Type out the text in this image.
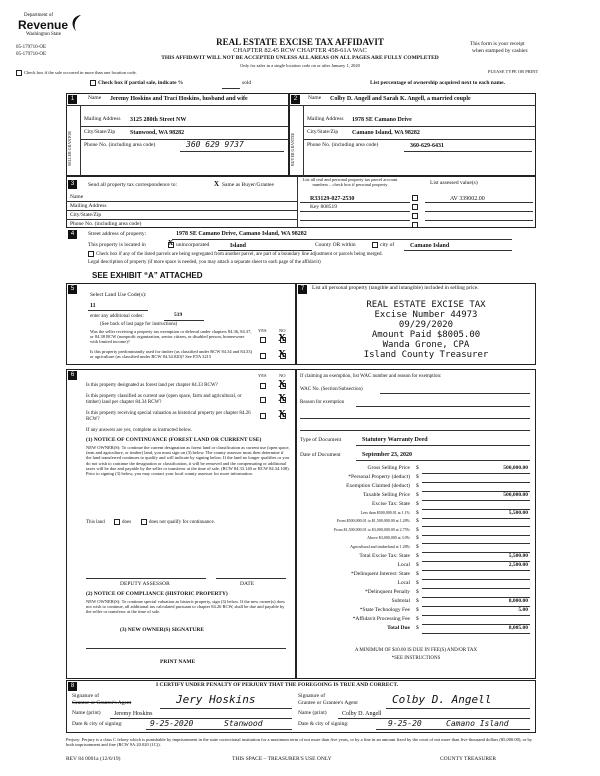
Department of
Revenue
Washington State
05-179710-OE
05-179710-OE
REAL ESTATE EXCISE TAX AFFIDAVIT
CHAPTER 82.45 RCW CHAPTER 458-61A WAC
THIS AFFIDAVIT WILL NOT BE ACCEPTED UNLESS ALL AREAS ON ALL PAGES ARE FULLY COMPLETED
Only for sales in a single location code on or after January 1, 2020
This form is your receipt
when stamped by cashier.
PLEASE TYPE OR PRINT
Check box if the sale occurred in more than one location code.
Check box if partial sale, indicate %	sold	List percentage of ownership acquired next to each name.
1	Name Jeremy Hoskins and Traci Hoskins, husband and wife
SELLER GRANTOR
Mailing Address 3125 280th Street NW
City/State/Zip Stanwood, WA 98282
Phone No. (including area code)	360 629 9737
2	Name Colby D. Angell and Sarah K. Angell, a married couple
BUYER GRANTEE
Mailing Address 1978 SE Camano Drive
City/State/Zip Camano Island, WA 98282
Phone No. (including area code)	360-629-6431
3	Send all property tax correspondence to:	X Same as Buyer/Grantee
Name
Mailing Address
City/State/Zip
Phone No. (including area code)
List all real and personal property tax parcel account numbers – check box if personal property	List assessed value(s)
R33129-027-2530
Key 808519
AV 339002.00
4	Street address of property:	1978 SE Camano Drive, Camano Island, WA 98282
This property is located in	X unincorporated	Island	County OR within	city of	Camano Island
Check box if any of the listed parcels are being segregated from another parcel, are part of a boundary line adjustment or parcels being merged.
Legal description of property (if more space is needed, you may attach a separate sheet to each page of the affidavit)
SEE EXHIBIT “A” ATTACHED
5
Select Land Use Code(s):
11
enter any additional codes:	519
(See back of last page for instructions)
YES	NO
Was the seller receiving a property tax exemption or deferral under chapters 84.36, 84.37, or 84.38 RCW (nonprofit organization, senior citizen, or disabled person, homeowner with limited income)?	X
Is this property predominantly used for timber (as classified under RCW 84.34 and 84.33) or agriculture (as classified under RCW 84.34.020)? See ETA 3215	X
6	YES	NO
Is this property designated as forest land per chapter 84.33 RCW?	X
Is this property classified as current use (open space, farm and agricultural, or timber) land per chapter 84.34 RCW?	X
Is this property receiving special valuation as historical property per chapter 84.26 RCW?	X
If any answers are yes, complete as instructed below.
(1) NOTICE OF CONTINUANCE (FOREST LAND OR CURRENT USE)
NEW OWNER(S): To continue the current designation as forest land or classification as current use (open space, farm and agriculture, or timber) land, you must sign on (3) below. The county assessor must then determine if the land transferred continues to qualify and will indicate by signing below. If the land no longer qualifies or you do not wish to continue the designation or classification, it will be removed and the compensating or additional taxes will be due and payable by the seller or transferor at the time of sale. (RCW 84.33.140 or RCW 84.34.108). Prior to signing (3) below, you may contact your local county assessor for more information.
This land	does	does not qualify for continuance.
DEPUTY ASSESSOR	DATE
(2) NOTICE OF COMPLIANCE (HISTORIC PROPERTY)
NEW OWNER(S): To continue special valuation as historic property, sign (3) below. If the new owner(s) does not wish to continue, all additional tax calculated pursuant to chapter 84.26 RCW, shall be due and payable by the seller or transferor at the time of sale.
(3) NEW OWNER(S) SIGNATURE
PRINT NAME
7	List all personal property (tangible and intangible) included in selling price.
REAL ESTATE EXCISE TAX
Excise Number 44973
09/29/2020
Amount Paid $8005.00
Wanda Grone, CPA
Island County Treasurer
If claiming an exemption, list WAC number and reason for exemption:
WAC No. (Section/Subsection)
Reason for exemption
Type of Document	Statutory Warranty Deed
Date of Document	September 23, 2020
Gross Selling Price $	500,000.00
*Personal Property (deduct) $
Exemption Claimed (deduct) $
Taxable Selling Price $	500,000.00
Excise Tax: State $
Less than $500,000.01 at 1.1% $	5,500.00
From $500,000.01 to $1,500,000.00 at 1.28% $
From $1,500,000.01 to $3,000,000.00 at 2.75% $
Above $3,000,000 at 3.0% $
Agricultural and timberland at 1.28% $
Total Excise Tax: State $	5,500.00
Local $	2,500.00
*Delinquent Interest: State $
Local $
*Delinquent Penalty $
Subtotal $	8,000.00
*State Technology Fee $	5.00
*Affidavit Processing Fee $
Total Due $	8,005.00
A MINIMUM OF $10.00 IS DUE IN FEE(S) AND/OR TAX
*SEE INSTRUCTIONS
8	I CERTIFY UNDER PENALTY OF PERJURY THAT THE FOREGOING IS TRUE AND CORRECT.
Signature of
Grantor or Grantor's Agent	Jery Hoskins
Name (print) Jeremy Hoskins
Date & city of signing:	9-25-2020	Stanwood
Signature of
Grantee or Grantee's Agent	Colby D. Angell
Name (print)	Colby D. Angell
Date & city of signing:	9-25-20	Camano Island
Perjury: Perjury is a class C felony which is punishable by imprisonment in the state correctional institution for a maximum term of not more than five years, or by a fine in an amount fixed by the court of not more than five thousand dollars ($5,000.00), or by both imprisonment and fine (RCW 9A.20.020 (1C)).
REV 84 0001a (12/6/19)	THIS SPACE – TREASURER'S USE ONLY	COUNTY TREASURER
